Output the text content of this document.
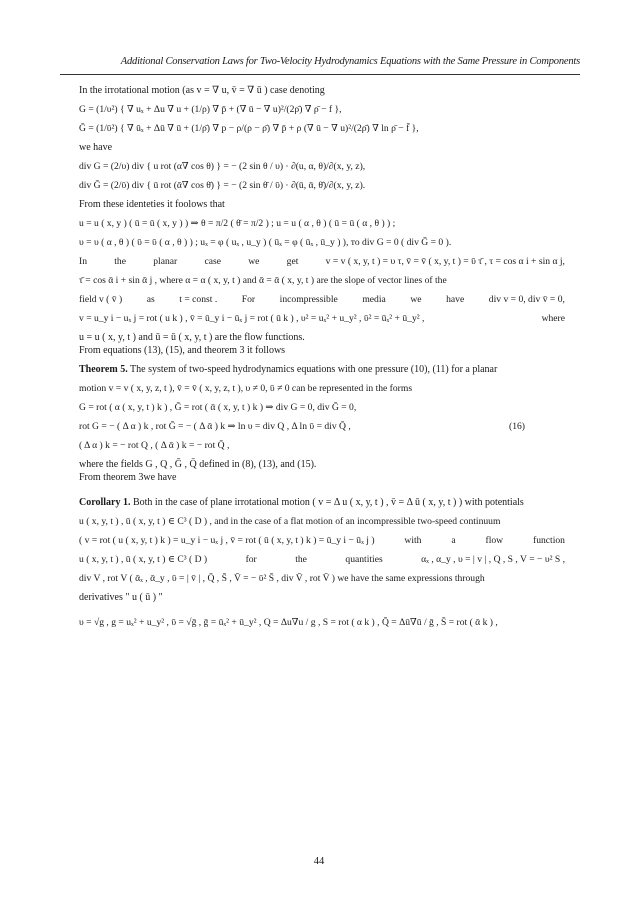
Additional Conservation Laws for Two-Velocity Hydrodynamics Equations with the Same Pressure in Components

In the irrotational motion (as v = ∇ u, v̄ = ∇ ū ) case denoting

G = (1/υ²) { ∇ uₓ + Δu ∇ u + (1/ρ) ∇ p̄ + (∇ ū − ∇ u)²/(2ρ̄) ∇ ρ̄ − f },

Ḡ = (1/ῡ²) { ∇ ūₓ + Δū ∇ ū + (1/ρ̄) ∇ p − ρ/(ρ − ρ̄) ∇ p̄ + ρ (∇ ū − ∇ u)²/(2ρ̄) ∇ ln ρ̄ − f̄ },

we have

div G = (2/υ) div { u rot (α∇ cos θ) } = − (2 sin θ / υ) · ∂(u, α, θ)/∂(x, y, z),

div Ḡ = (2/ῡ) div { ū rot (ᾱ∇ cos θ̄) } = − (2 sin θ̄ / ῡ) · ∂(ū, ᾱ, θ̄)/∂(x, y, z).

From these identeties it foolows that

u = u ( x, y ) ( ū = ū ( x, y ) ) ⇒ θ = π/2 ( θ̄ = π/2 ) ; u = u ( α , θ ) ( ū = ū ( α , θ ) ) ;

υ = υ ( α , θ ) ( ῡ = ῡ ( α , θ ) ) ; uₓ = φ ( uₓ , u_y ) ( ūₓ = φ ( ūₓ , ū_y ) ), то div G = 0 ( div Ḡ = 0 ).

In	the	planar	case	we	get	v = v ( x, y, t ) = υ τ, v̄ = v̄ ( x, y, t ) = ῡ τ̄ , τ = cos α i + sin α j,

τ̄ = cos ᾱ i + sin ᾱ j , where α = α ( x, y, t ) and ᾱ = ᾱ ( x, y, t ) are the slope of vector lines of the

field v ( v̄ )	as	t = const .	For	incompressible	media	we	have	div v = 0, div v̄ = 0,
v = u_y i − uₓ j = rot ( u k ) , v̄ = ū_y i − ūₓ j = rot ( ū k ) , υ² = uₓ² + u_y² , ῡ² = ūₓ² + ū_y² ,	where

u = u ( x, y, t ) and ū = ū ( x, y, t ) are the flow functions.

From equations (13), (15), and theorem 3 it follows

Theorem 5. The system of two-speed hydrodynamics equations with one pressure (10), (11) for a planar

motion v = v ( x, y, z, t ), v̄ = v̄ ( x, y, z, t ), υ ≠ 0, ῡ ≠ 0 can be represented in the forms

G = rot ( α ( x, y, t ) k ) , Ḡ = rot ( ᾱ ( x, y, t ) k ) ⇒ div G = 0, div Ḡ = 0,

rot G = − ( Δ α ) k , rot Ḡ = − ( Δ ᾱ ) k ⇒ ln υ = div Q , Δ ln ῡ = div Q̄ ,	(16)

( Δ α ) k = − rot Q , ( Δ ᾱ ) k = − rot Q̄ ,

where the fields G , Q , Ḡ , Q̄ defined in (8), (13), and (15).

From theorem 3we have

Corollary 1. Both in the case of plane irrotational motion ( v = Δ u ( x, y, t ) , v̄ = Δ ū ( x, y, t ) ) with potentials

u ( x, y, t ) , ū ( x, y, t ) ∈ C³ ( D ) , and in the case of a flat motion of an incompressible two-speed continuum

( v = rot ( u ( x, y, t ) k ) = u_y i − uₓ j , v̄ = rot ( ū ( x, y, t ) k ) = ū_y i − ūₓ j )	with	a	flow	function
u ( x, y, t ) , ū ( x, y, t ) ∈ C³ ( D )	for	the	quantities	αₓ , α_y , υ = | v | , Q , S , V = − υ² S ,

div V , rot V ( ᾱₓ , ᾱ_y , ῡ = | v̄ | , Q̄ , S̄ , V̄ = − ῡ² S̄ , div V̄ , rot V̄ ) we have the same expressions through

derivatives " u ( ū ) "

υ = √g , g = uₓ² + u_y² , ῡ = √ḡ , ḡ = ūₓ² + ū_y² , Q = Δu∇u / g , S = rot ( α k ) , Q̄ = Δū∇ū / ḡ , S̄ = rot ( ᾱ k ) ,

44
